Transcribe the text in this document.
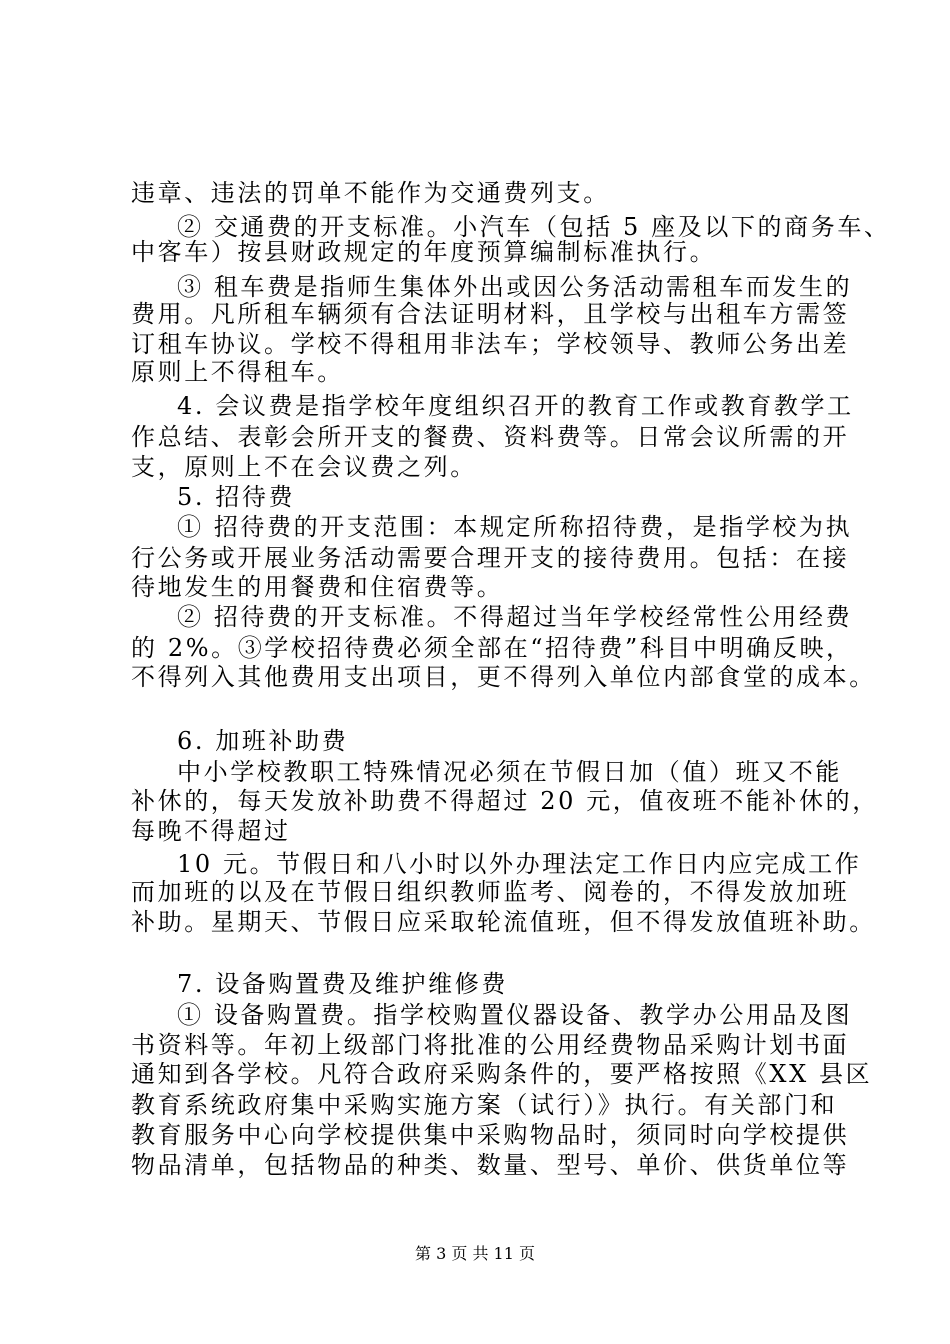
违章、违法的罚单不能作为交通费列支。
② 交通费的开支标准。小汽车（包括 5 座及以下的商务车、
中客车）按县财政规定的年度预算编制标准执行。
③ 租车费是指师生集体外出或因公务活动需租车而发生的
费用。凡所租车辆须有合法证明材料，且学校与出租车方需签
订租车协议。学校不得租用非法车；学校领导、教师公务出差
原则上不得租车。
4. 会议费是指学校年度组织召开的教育工作或教育教学工
作总结、表彰会所开支的餐费、资料费等。日常会议所需的开
支，原则上不在会议费之列。
5. 招待费
① 招待费的开支范围：本规定所称招待费，是指学校为执
行公务或开展业务活动需要合理开支的接待费用。包括：在接
待地发生的用餐费和住宿费等。
② 招待费的开支标准。不得超过当年学校经常性公用经费
的 2%。③学校招待费必须全部在“招待费”科目中明确反映，
不得列入其他费用支出项目，更不得列入单位内部食堂的成本。
6. 加班补助费
中小学校教职工特殊情况必须在节假日加（值）班又不能
补休的，每天发放补助费不得超过 20 元，值夜班不能补休的，
每晚不得超过
10 元。节假日和八小时以外办理法定工作日内应完成工作
而加班的以及在节假日组织教师监考、阅卷的，不得发放加班
补助。星期天、节假日应采取轮流值班，但不得发放值班补助。
7. 设备购置费及维护维修费
① 设备购置费。指学校购置仪器设备、教学办公用品及图
书资料等。年初上级部门将批准的公用经费物品采购计划书面
通知到各学校。凡符合政府采购条件的，要严格按照《XX 县区
教育系统政府集中采购实施方案（试行）》执行。有关部门和
教育服务中心向学校提供集中采购物品时，须同时向学校提供
物品清单，包括物品的种类、数量、型号、单价、供货单位等
第 3 页 共 11 页
